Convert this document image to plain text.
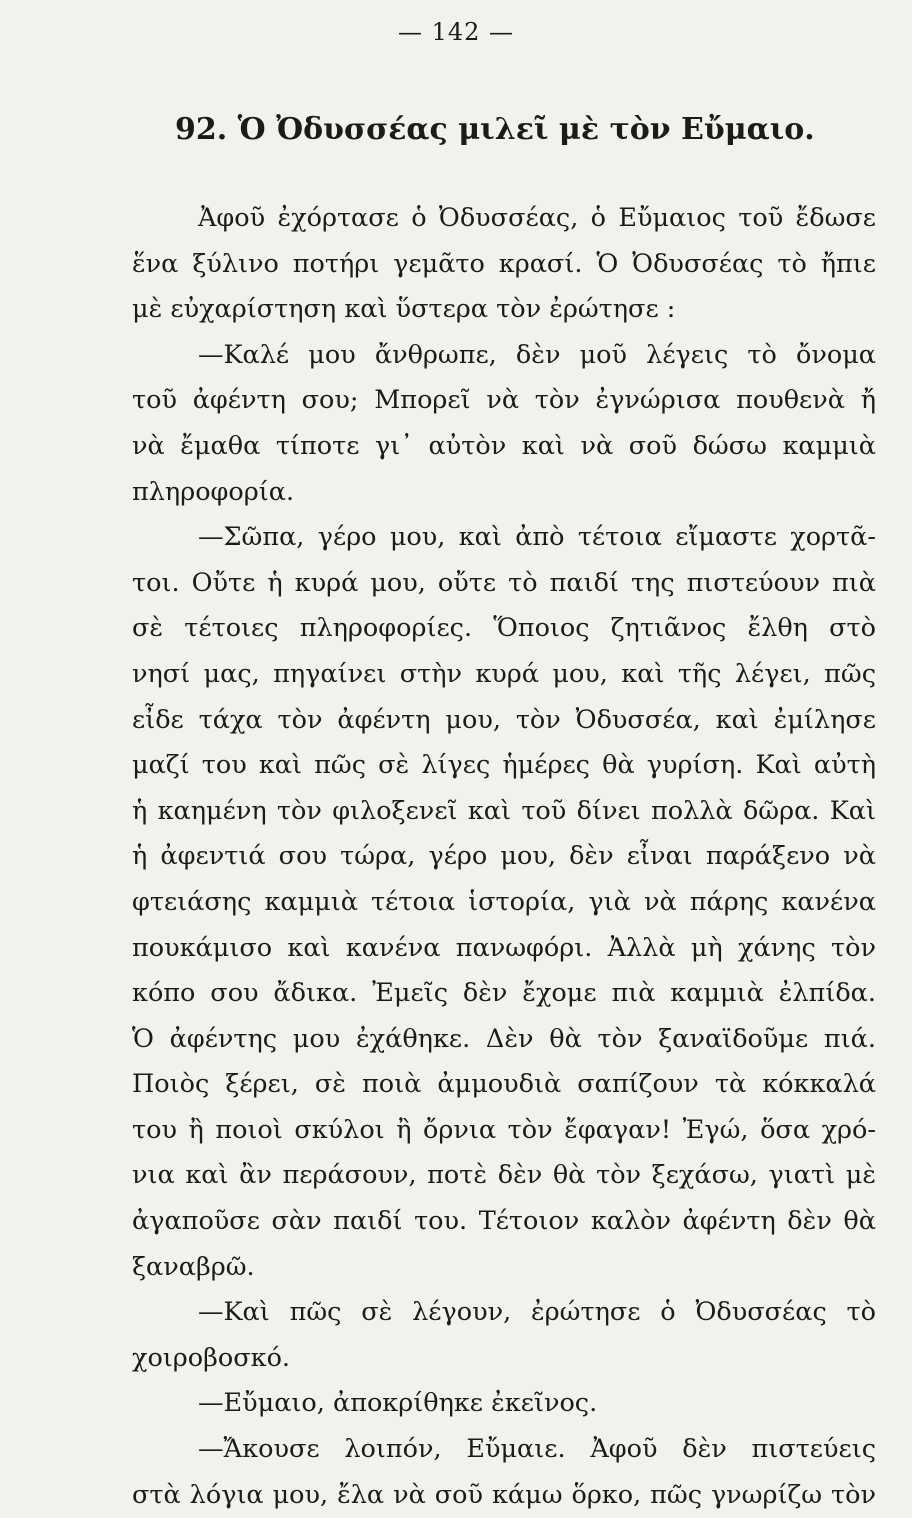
— 142 —
92. Ὁ Ὀδυσσέας μιλεῖ μὲ τὸν Εὔμαιο.
Ἀφοῦ ἐχόρτασε ὁ Ὀδυσσέας, ὁ Εὔμαιος τοῦ ἔδωσε
ἕνα ξύλινο ποτήρι γεμᾶτο κρασί. Ὁ Ὀδυσσέας τὸ ἤπιε
μὲ εὐχαρίστηση καὶ ὕστερα τὸν ἐρώτησε :
—Καλέ μου ἄνθρωπε, δὲν μοῦ λέγεις τὸ ὄνομα
τοῦ ἀφέντη σου; Μπορεῖ νὰ τὸν ἐγνώρισα πουθενὰ ἤ
νὰ ἔμαθα τίποτε γι᾽ αὐτὸν καὶ νὰ σοῦ δώσω καμμιὰ
πληροφορία.
—Σῶπα, γέρο μου, καὶ ἀπὸ τέτοια εἴμαστε χορτᾶ-
τοι. Οὔτε ἡ κυρά μου, οὔτε τὸ παιδί της πιστεύουν πιὰ
σὲ τέτοιες πληροφορίες. Ὅποιος ζητιᾶνος ἔλθη στὸ
νησί μας, πηγαίνει στὴν κυρά μου, καὶ τῆς λέγει, πῶς
εἶδε τάχα τὸν ἀφέντη μου, τὸν Ὀδυσσέα, καὶ ἐμίλησε
μαζί του καὶ πῶς σὲ λίγες ἡμέρες θὰ γυρίση. Καὶ αὐτὴ
ἡ καημένη τὸν φιλοξενεῖ καὶ τοῦ δίνει πολλὰ δῶρα. Καὶ
ἡ ἀφεντιά σου τώρα, γέρο μου, δὲν εἶναι παράξενο νὰ
φτειάσης καμμιὰ τέτοια ἱστορία, γιὰ νὰ πάρης κανένα
πουκάμισο καὶ κανένα πανωφόρι. Ἀλλὰ μὴ χάνης τὸν
κόπο σου ἄδικα. Ἐμεῖς δὲν ἔχομε πιὰ καμμιὰ ἐλπίδα.
Ὁ ἀφέντης μου ἐχάθηκε. Δὲν θὰ τὸν ξαναϊδοῦμε πιά.
Ποιὸς ξέρει, σὲ ποιὰ ἀμμουδιὰ σαπίζουν τὰ κόκκαλά
του ἢ ποιοὶ σκύλοι ἢ ὄρνια τὸν ἔφαγαν! Ἐγώ, ὅσα χρό-
νια καὶ ἂν περάσουν, ποτὲ δὲν θὰ τὸν ξεχάσω, γιατὶ μὲ
ἀγαποῦσε σὰν παιδί του. Τέτοιον καλὸν ἀφέντη δὲν θὰ
ξαναβρῶ.
—Καὶ πῶς σὲ λέγουν, ἐρώτησε ὁ Ὀδυσσέας τὸ
χοιροβοσκό.
—Εὔμαιο, ἀποκρίθηκε ἐκεῖνος.
—Ἄκουσε λοιπόν, Εὔμαιε. Ἀφοῦ δὲν πιστεύεις
στὰ λόγια μου, ἔλα νὰ σοῦ κάμω ὅρκο, πῶς γνωρίζω τὸν
